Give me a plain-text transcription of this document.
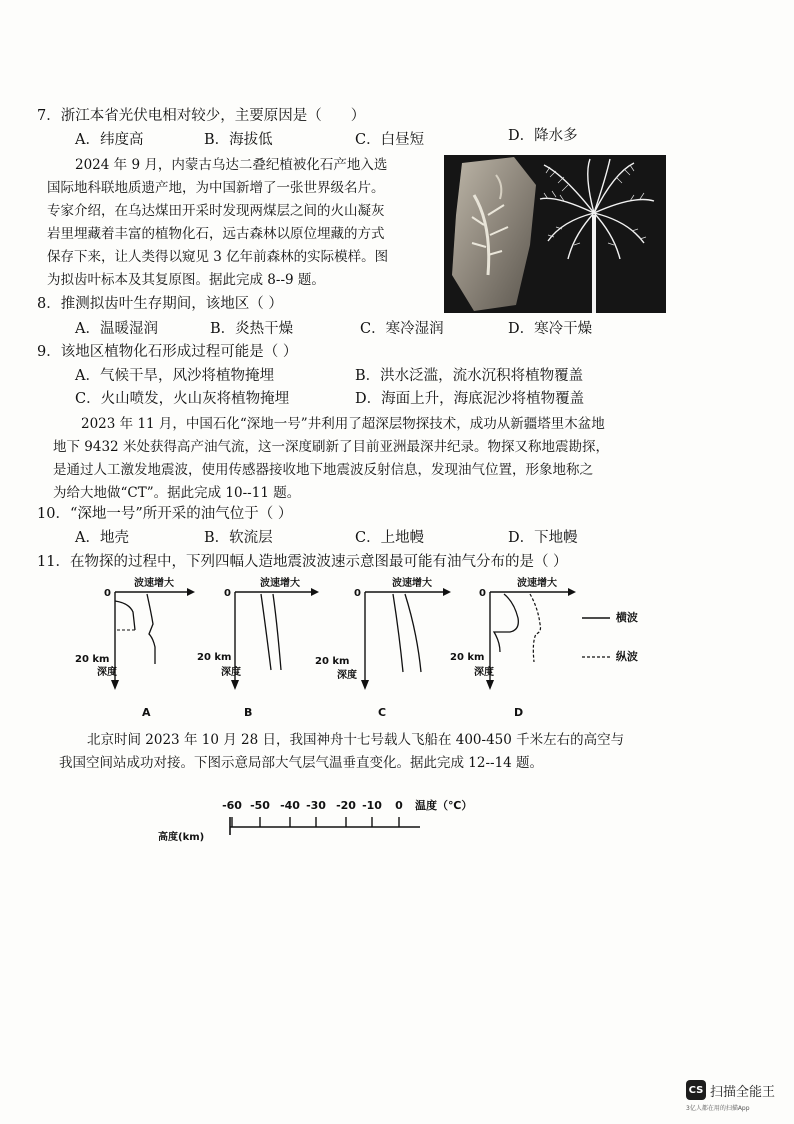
7．浙江本省光伏电相对较少，主要原因是（　　）
A．纬度高	B．海拔低	C．白昼短	D．降水多
2024 年 9 月，内蒙古乌达二叠纪植被化石产地入选
国际地科联地质遗产地，为中国新增了一张世界级名片。
专家介绍，在乌达煤田开采时发现两煤层之间的火山凝灰
岩里埋藏着丰富的植物化石，远古森林以原位埋藏的方式
保存下来，让人类得以窥见 3 亿年前森林的实际模样。图
为拟齿叶标本及其复原图。据此完成 8--9 题。
8．推测拟齿叶生存期间，该地区（ ）
A．温暖湿润	B．炎热干燥	C．寒冷湿润	D．寒冷干燥
9．该地区植物化石形成过程可能是（ ）
A．气候干旱，风沙将植物掩埋	B．洪水泛滥，流水沉积将植物覆盖
C．火山喷发，火山灰将植物掩埋	D．海面上升，海底泥沙将植物覆盖
2023 年 11 月，中国石化“深地一号”井利用了超深层物探技术，成功从新疆塔里木盆地
地下 9432 米处获得高产油气流，这一深度刷新了目前亚洲最深井纪录。物探又称地震勘探，
是通过人工激发地震波，使用传感器接收地下地震波反射信息，发现油气位置，形象地称之
为给大地做“CT”。据此完成 10--11 题。
10．“深地一号”所开采的油气位于（ ）
A．地壳	B．软流层	C．上地幔	D．下地幔
11．在物探的过程中，下列四幅人造地震波波速示意图最可能有油气分布的是（ ）
波速增大
0
20 km
深度
波速增大
0
20 km
深度
波速增大
0
20 km
深度
波速增大
0
20 km
深度
横波
纵波
A	B	C	D
北京时间 2023 年 10 月 28 日，我国神舟十七号载人飞船在 400-450 千米左右的高空与
我国空间站成功对接。下图示意局部大气层气温垂直变化。据此完成 12--14 题。
-60 -50 -40 -30 -20 -10 0 温度（℃）
高度(km)
CS 扫描全能王
3亿人都在用的扫描App
